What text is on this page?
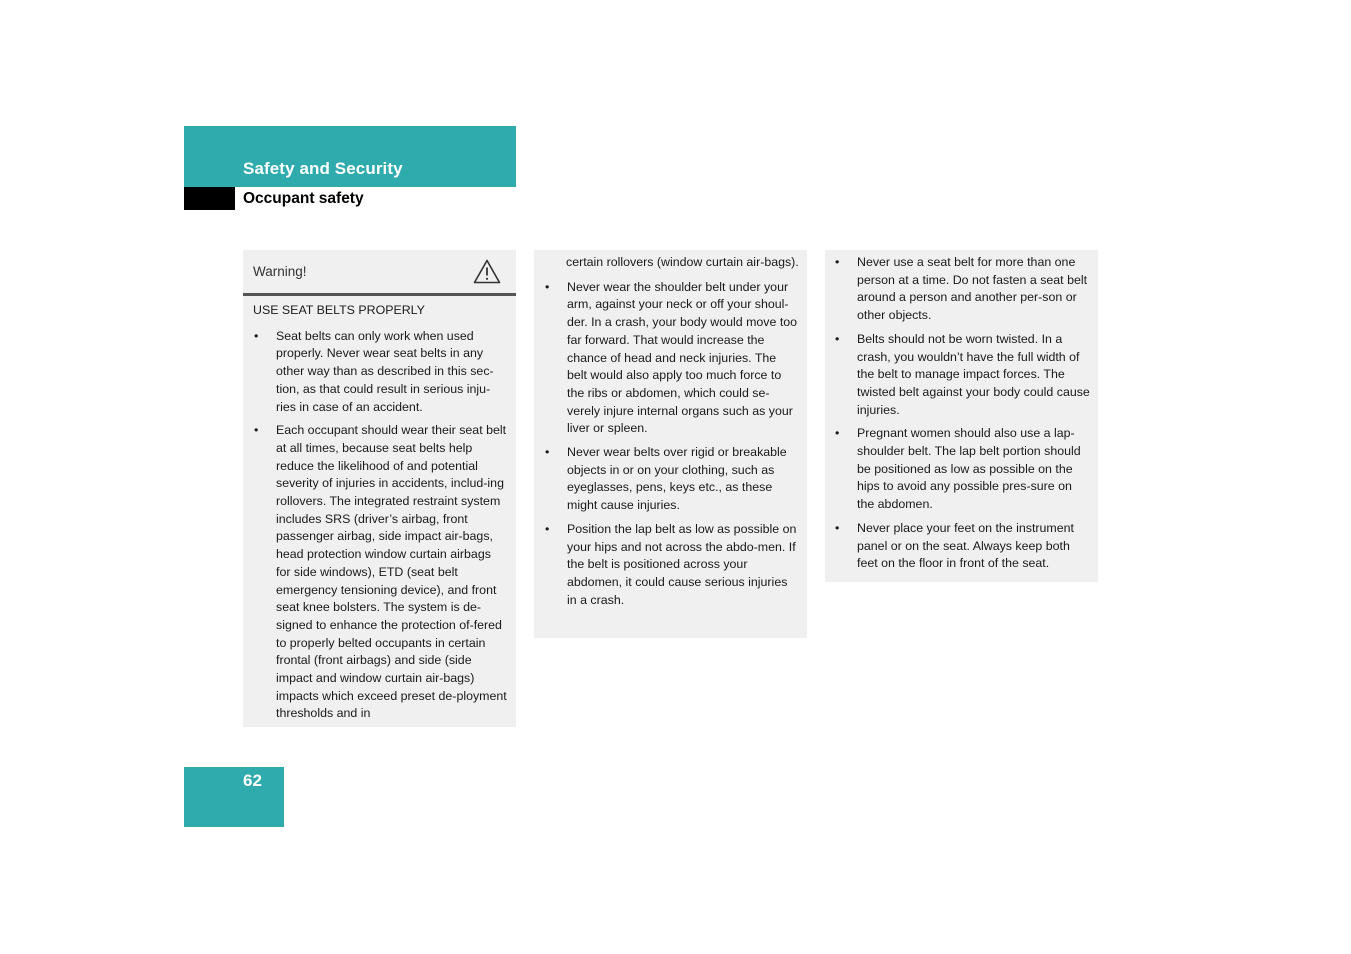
Safety and Security
Occupant safety
Warning!
USE SEAT BELTS PROPERLY
• Seat belts can only work when used properly. Never wear seat belts in any other way than as described in this sec-tion, as that could result in serious inju-ries in case of an accident.
• Each occupant should wear their seat belt at all times, because seat belts help reduce the likelihood of and potential severity of injuries in accidents, includ-ing rollovers. The integrated restraint system includes SRS (driver’s airbag, front passenger airbag, side impact air-bags, head protection window curtain airbags for side windows), ETD (seat belt emergency tensioning device), and front seat knee bolsters. The system is de-signed to enhance the protection of-fered to properly belted occupants in certain frontal (front airbags) and side (side impact and window curtain air-bags) impacts which exceed preset de-ployment thresholds and in
certain rollovers (window curtain air-bags).
• Never wear the shoulder belt under your arm, against your neck or off your shoul-der. In a crash, your body would move too far forward. That would increase the chance of head and neck injuries. The belt would also apply too much force to the ribs or abdomen, which could se-verely injure internal organs such as your liver or spleen.
• Never wear belts over rigid or breakable objects in or on your clothing, such as eyeglasses, pens, keys etc., as these might cause injuries.
• Position the lap belt as low as possible on your hips and not across the abdo-men. If the belt is positioned across your abdomen, it could cause serious injuries in a crash.
• Never use a seat belt for more than one person at a time. Do not fasten a seat belt around a person and another per-son or other objects.
• Belts should not be worn twisted. In a crash, you wouldn’t have the full width of the belt to manage impact forces. The twisted belt against your body could cause injuries.
• Pregnant women should also use a lap-shoulder belt. The lap belt portion should be positioned as low as possible on the hips to avoid any possible pres-sure on the abdomen.
• Never place your feet on the instrument panel or on the seat. Always keep both feet on the floor in front of the seat.
62
